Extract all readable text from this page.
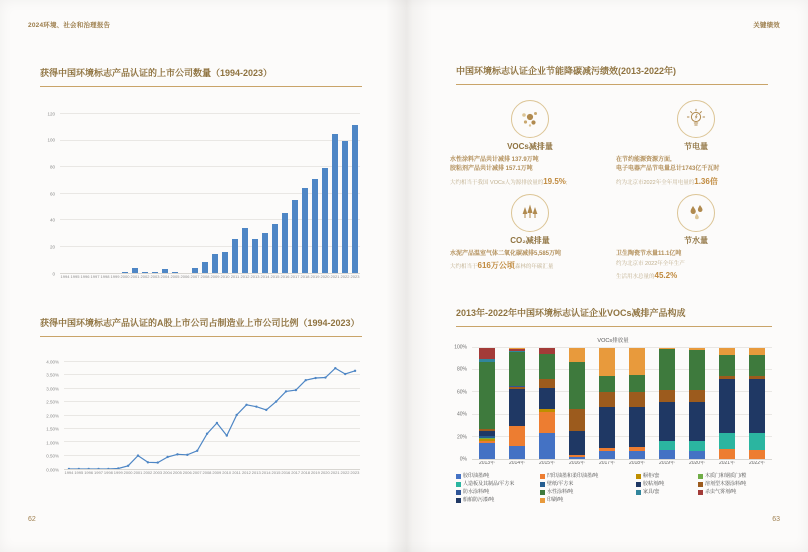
2024环境、社会和治理报告	关键绩效
62	63
获得中国环境标志产品认证的上市公司数量（1994-2023）
0
20
40
60
80
100
120
1994 1995 1996 1997 1998 1999 2000 2001 2002 2003 2004 2005 2006 2007 2008 2009 2010 2011 2012 2013 2014 2015 2016 2017 2018 2019 2020 2021 2022 2023
获得中国环境标志产品认证的A股上市公司占制造业上市公司比例（1994-2023）
0.00%
0.50%
1.00%
1.50%
2.00%
2.50%
3.00%
3.50%
4.00%
1994 1995 1996 1997 1998 1999 2000 2001 2002 2003 2004 2005 2006 2007 2008 2009 2010 2011 2012 2013 2014 2015 2016 2017 2018 2019 2020 2021 2022 2023
中国环境标志认证企业节能降碳减污绩效(2013-2022年)
VOCs减排量
水性涂料产品共计减排 137.9万吨
胶粘剂产品共计减排 157.1万吨
大约相当于我国 VOCs人为源排放量的19.5%;
节电量
在节约能源资源方面,
电子电器产品节电量总计1743亿千瓦时
约为北京市2022年全年用电量的1.36倍
CO₂减排量
水泥产品温室气体二氧化碳减排5,585万吨
大约相当于616万公顷森林的年碳汇量
节水量
卫生陶瓷节水量11.1亿吨
约为北京市 2022年全年生产
生活用水总量的45.2%
2013年-2022年中国环境标志认证企业VOCs减排产品构成
VOCs排放量
0%
20%
40%
60%
80%
100%
2013年	2014年	2015年	2016年	2017年	2018年	2019年	2020年	2021年	2022年
胶印油墨/吨	凹印油墨和柔印油墨/吨	橱柜/套	木质门和钢质门/樘
人造板及其制品/平方米	壁纸/平方米	胶粘剂/吨	溶剂型木器涂料/吨
防水涂料/吨	水性涂料/吨	家具/套	杀虫气雾剂/吨
船舶防污漆/吨	印刷/吨
